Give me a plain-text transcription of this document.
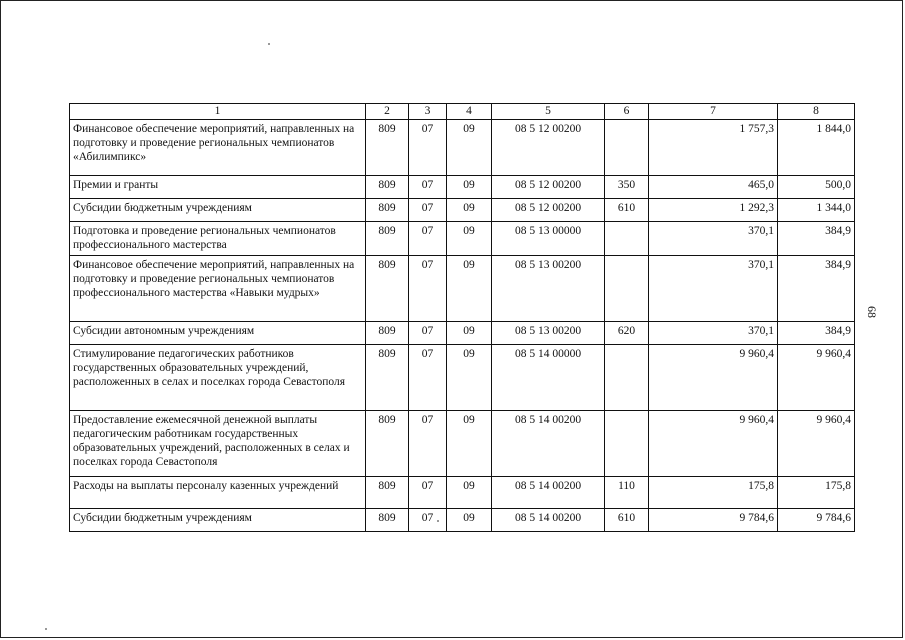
1	2	3	4	5	6	7	8
Финансовое обеспечение мероприятий, направленных на подготовку и проведение региональных чемпионатов «Абилимпикс»	809	07	09	08 5 12 00200		1 757,3	1 844,0
Премии и гранты	809	07	09	08 5 12 00200	350	465,0	500,0
Субсидии бюджетным учреждениям	809	07	09	08 5 12 00200	610	1 292,3	1 344,0
Подготовка и проведение региональных чемпионатов профессионального мастерства	809	07	09	08 5 13 00000		370,1	384,9
Финансовое обеспечение мероприятий, направленных на подготовку и проведение региональных чемпионатов профессионального мастерства «Навыки мудрых»	809	07	09	08 5 13 00200		370,1	384,9
Субсидии автономным учреждениям	809	07	09	08 5 13 00200	620	370,1	384,9
Стимулирование педагогических работников государственных образовательных учреждений, расположенных в селах и поселках города Севастополя	809	07	09	08 5 14 00000		9 960,4	9 960,4
Предоставление ежемесячной денежной выплаты педагогическим работникам государственных образовательных учреждений, расположенных в селах и поселках города Севастополя	809	07	09	08 5 14 00200		9 960,4	9 960,4
Расходы на выплаты персоналу казенных учреждений	809	07	09	08 5 14 00200	110	175,8	175,8
Субсидии бюджетным учреждениям	809	07	09	08 5 14 00200	610	9 784,6	9 784,6
68
